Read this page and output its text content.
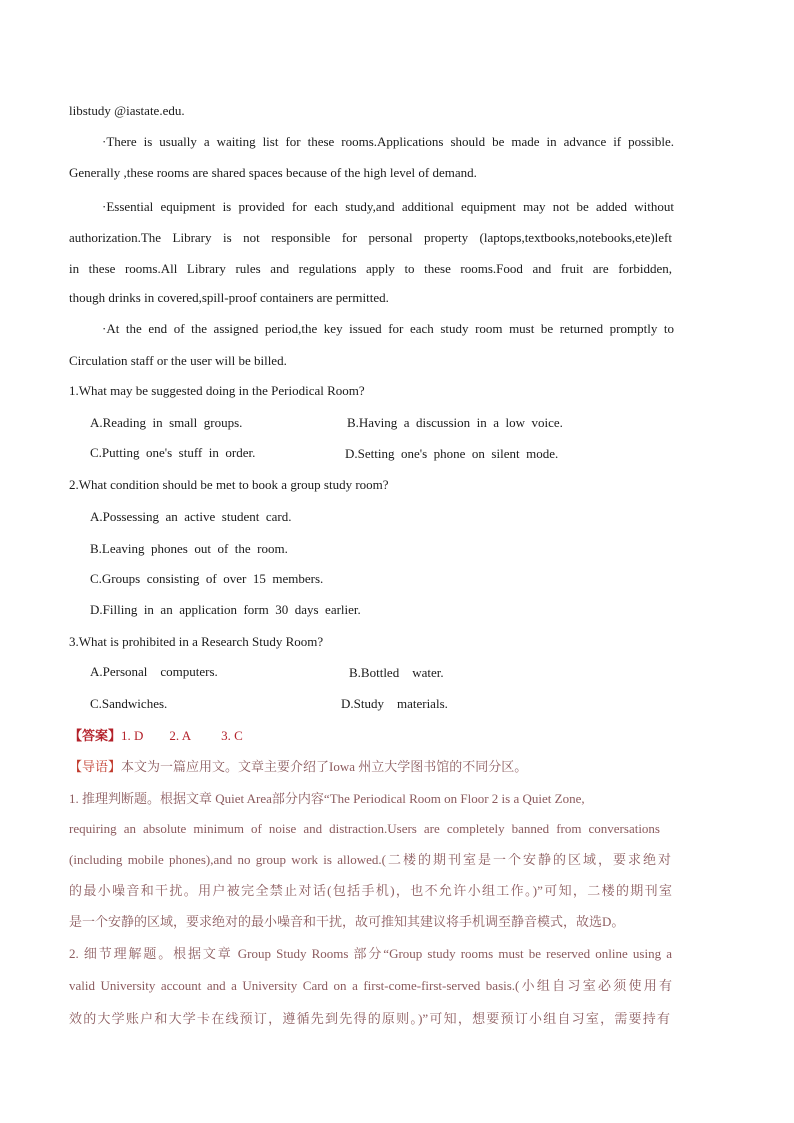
libstudy @iastate.edu.
·There is usually a waiting list for these rooms.Applications should be made in advance if possible.
Generally ,these rooms are shared spaces because of the high level of demand.
·Essential equipment is provided for each study,and additional equipment may not be added without
authorization.The Library is not responsible for personal property (laptops,textbooks,notebooks,ete)left
in these rooms.All Library rules and regulations apply to these rooms.Food and fruit are forbidden,
though drinks in covered,spill-proof containers are permitted.
·At the end of the assigned period,the key issued for each study room must be returned promptly to
Circulation staff or the user will be billed.
1.What may be suggested doing in the Periodical Room?
A.Reading  in  small  groups.	B.Having  a  discussion  in  a  low  voice.
C.Putting  one's  stuff  in  order.	D.Setting  one's  phone  on  silent  mode.
2.What condition should be met to book a group study room?
A.Possessing  an  active  student  card.
B.Leaving  phones  out  of  the  room.
C.Groups  consisting  of  over  15  members.
D.Filling  in  an  application  form  30  days  earlier.
3.What is prohibited in a Research Study Room?
A.Personal    computers.	B.Bottled    water.
C.Sandwiches.	D.Study    materials.
【答案】1. D 2. A 3. C
【导语】本文为一篇应用文。文章主要介绍了Iowa 州立大学图书馆的不同分区。
1. 推理判断题。根据文章 Quiet Area部分内容“The Periodical Room on Floor 2 is a Quiet Zone,
requiring an absolute minimum of noise and distraction.Users are completely banned from conversations
(including mobile phones),and no group work is allowed.(二楼的期刊室是一个安静的区域，要求绝对
的最小噪音和干扰。用户被完全禁止对话(包括手机)，也不允许小组工作。)”可知，二楼的期刊室
是一个安静的区域，要求绝对的最小噪音和干扰，故可推知其建议将手机调至静音模式，故选D。
2. 细节理解题。根据文章 Group Study Rooms 部分“Group study rooms must be reserved online using a
valid University account and a University Card on a first-come-first-served basis.(小组自习室必须使用有
效的大学账户和大学卡在线预订，遵循先到先得的原则。)”可知，想要预订小组自习室，需要持有
